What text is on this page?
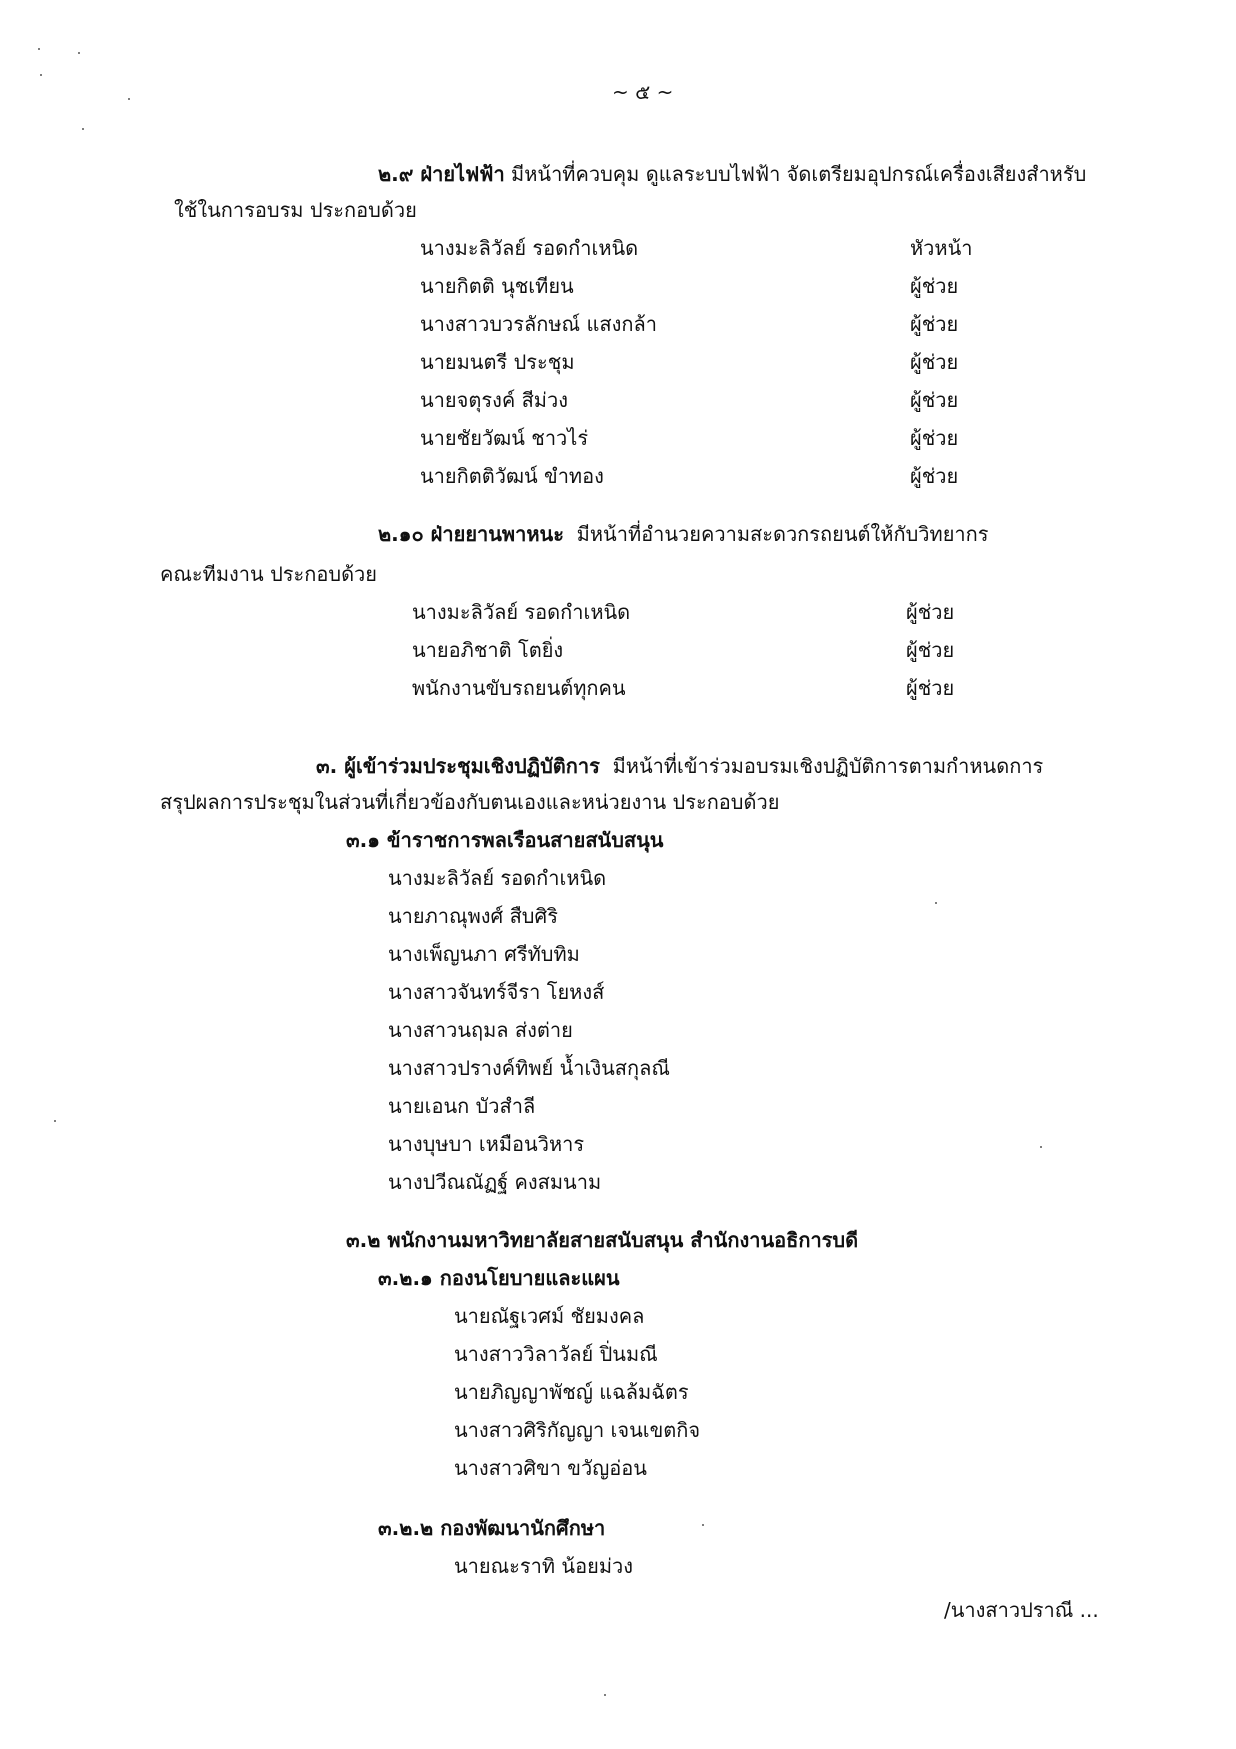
~ ๕ ~
๒.๙ ฝ่ายไฟฟ้า มีหน้าที่ควบคุม ดูแลระบบไฟฟ้า จัดเตรียมอุปกรณ์เครื่องเสียงสำหรับ
ใช้ในการอบรม ประกอบด้วย
นางมะลิวัลย์ รอดกำเหนิด	หัวหน้า
นายกิตติ นุชเทียน	ผู้ช่วย
นางสาวบวรลักษณ์ แสงกล้า	ผู้ช่วย
นายมนตรี ประชุม	ผู้ช่วย
นายจตุรงค์ สีม่วง	ผู้ช่วย
นายชัยวัฒน์ ชาวไร่	ผู้ช่วย
นายกิตติวัฒน์ ขำทอง	ผู้ช่วย
๒.๑๐ ฝ่ายยานพาหนะ มีหน้าที่อำนวยความสะดวกรถยนต์ให้กับวิทยากร
คณะทีมงาน ประกอบด้วย
นางมะลิวัลย์ รอดกำเหนิด	ผู้ช่วย
นายอภิชาติ โตยิ่ง	ผู้ช่วย
พนักงานขับรถยนต์ทุกคน	ผู้ช่วย
๓. ผู้เข้าร่วมประชุมเชิงปฏิบัติการ มีหน้าที่เข้าร่วมอบรมเชิงปฏิบัติการตามกำหนดการ
สรุปผลการประชุมในส่วนที่เกี่ยวข้องกับตนเองและหน่วยงาน ประกอบด้วย
๓.๑ ข้าราชการพลเรือนสายสนับสนุน
นางมะลิวัลย์ รอดกำเหนิด
นายภาณุพงศ์ สืบศิริ
นางเพ็ญนภา ศรีทับทิม
นางสาวจันทร์จีรา โยหงส์
นางสาวนฤมล ส่งต่าย
นางสาวปรางค์ทิพย์ น้ำเงินสกุลณี
นายเอนก บัวสำลี
นางบุษบา เหมือนวิหาร
นางปวีณณัฏฐ์ คงสมนาม
๓.๒ พนักงานมหาวิทยาลัยสายสนับสนุน สำนักงานอธิการบดี
๓.๒.๑ กองนโยบายและแผน
นายณัฐเวศม์ ชัยมงคล
นางสาววิลาวัลย์ ปิ่นมณี
นายภิญญาพัชญ์ แฉล้มฉัตร
นางสาวศิริกัญญา เจนเขตกิจ
นางสาวศิขา ขวัญอ่อน
๓.๒.๒ กองพัฒนานักศึกษา
นายณะราทิ น้อยม่วง
/นางสาวปราณี ...
